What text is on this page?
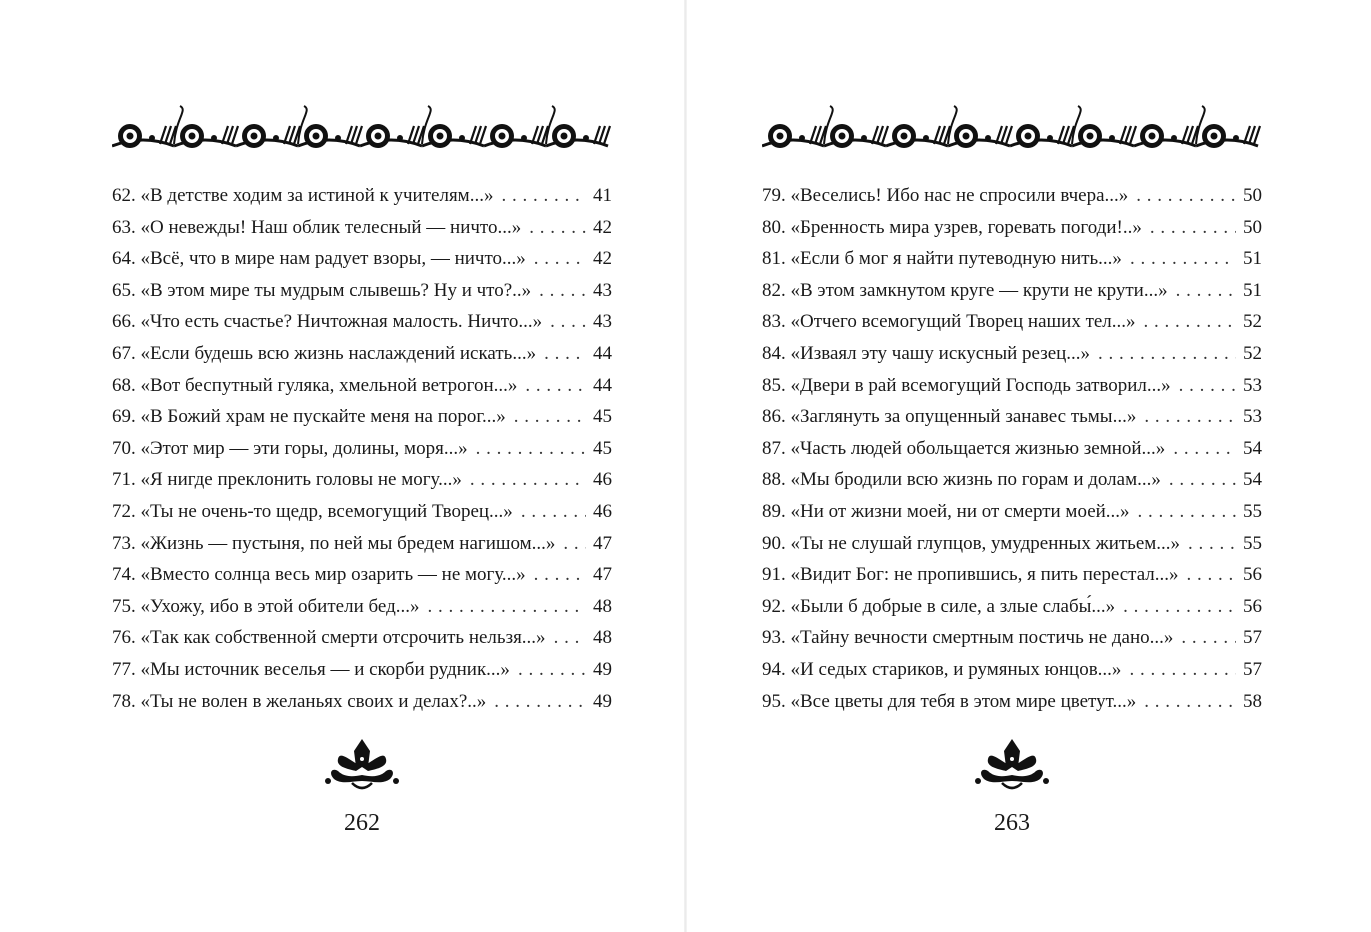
62. «В детстве ходим за истиной к учителям...» . . .	41
63. «О невежды! Наш облик телесный — ничто...» . . .	42
64. «Всё, что в мире нам радует взоры, — ничто...» . . .	42
65. «В этом мире ты мудрым слывешь? Ну и что?..» . . .	43
66. «Что есть счастье? Ничтожная малость. Ничто...» . . .	43
67. «Если будешь всю жизнь наслаждений искать...» . . .	44
68. «Вот беспутный гуляка, хмельной ветрогон...» . . .	44
69. «В Божий храм не пускайте меня на порог...» . . .	45
70. «Этот мир — эти горы, долины, моря...» . . .	45
71. «Я нигде преклонить головы не могу...» . . .	46
72. «Ты не очень-то щедр, всемогущий Творец...» . . .	46
73. «Жизнь — пустыня, по ней мы бредем нагишом...» . . . 47
74. «Вместо солнца весь мир озарить — не могу...» . . .	47
75. «Ухожу, ибо в этой обители бед...» . . .	48
76. «Так как собственной смерти отсрочить нельзя...» . . . 48
77. «Мы источник веселья — и скорби рудник...» . . .	49
78. «Ты не волен в желаньях своих и делах?..» . . .	49
262
79. «Веселись! Ибо нас не спросили вчера...» . . .	50
80. «Бренность мира узрев, горевать погоди!..» . . .	50
81. «Если б мог я найти путеводную нить...» . . .	51
82. «В этом замкнутом круге — крути не крути...» . . .	51
83. «Отчего всемогущий Творец наших тел...» . . .	52
84. «Изваял эту чашу искусный резец...» . . .	52
85. «Двери в рай всемогущий Господь затворил...» . . .	53
86. «Заглянуть за опущенный занавес тьмы...» . . .	53
87. «Часть людей обольщается жизнью земной...» . . .	54
88. «Мы бродили всю жизнь по горам и долам...» . . .	54
89. «Ни от жизни моей, ни от смерти моей...» . . .	55
90. «Ты не слушай глупцов, умудренных житьем...» . . .	55
91. «Видит Бог: не пропившись, я пить перестал...» . . .	56
92. «Были б добрые в силе, а злые слабы́...» . . .	56
93. «Тайну вечности смертным постичь не дано...» . . .	57
94. «И седых стариков, и румяных юнцов...» . . .	57
95. «Все цветы для тебя в этом мире цветут...» . . .	58
263
